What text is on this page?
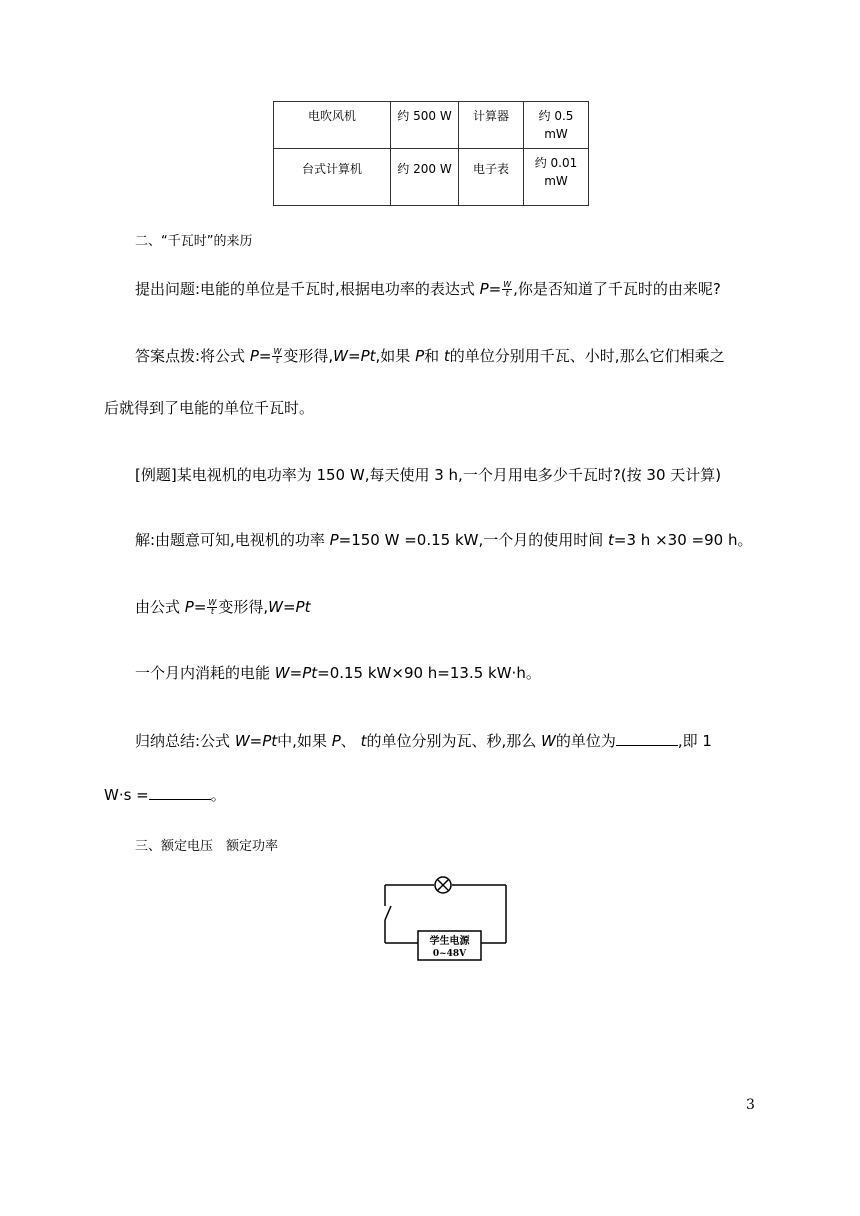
电吹风机	约 500 W	计算器	约 0.5 mW
台式计算机	约 200 W	电子表	约 0.01 mW
二、“千瓦时”的来历
提出问题:电能的单位是千瓦时,根据电功率的表达式 $P= \frac{W}{t}$ ,你是否知道了千瓦时的由来呢?
答案点拨:将公式 $P= \frac{W}{t}$ 变形得,W=Pt,如果 P和 t的单位分别用千瓦、小时,那么它们相乘之
后就得到了电能的单位千瓦时。
[例题]某电视机的电功率为 150 W,每天使用 3 h,一个月用电多少千瓦时?(按 30 天计算)
解:由题意可知,电视机的功率 P=150 W =0.15 kW,一个月的使用时间 t=3 h ×30 =90 h。
由公式 $P= \frac{W}{t}$ 变形得,W=Pt
一个月内消耗的电能 W=Pt=0.15 kW×90 h=13.5 kW·h。
归纳总结:公式 W=Pt中,如果 P、 t的单位分别为瓦、秒,那么 W的单位为	,即 1
W·s =	。
三、额定电压　额定功率
学生电源
0~48V
3
